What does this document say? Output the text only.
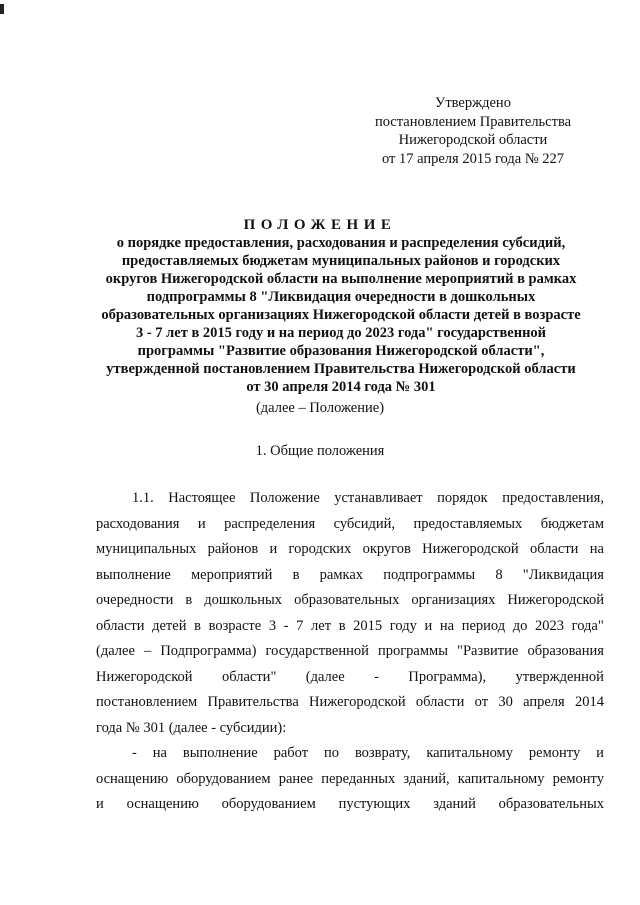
Утверждено
постановлением Правительства
Нижегородской области
от 17 апреля 2015 года № 227
ПОЛОЖЕНИЕ
о порядке предоставления, расходования и распределения субсидий,
предоставляемых бюджетам муниципальных районов и городских
округов Нижегородской области на выполнение мероприятий в рамках
подпрограммы 8 "Ликвидация очередности в дошкольных
образовательных организациях Нижегородской области детей в возрасте
3 - 7 лет в 2015 году и на период до 2023 года" государственной
программы "Развитие образования Нижегородской области",
утвержденной постановлением Правительства Нижегородской области
от 30 апреля 2014 года № 301
(далее – Положение)
1. Общие положения
1.1. Настоящее Положение устанавливает порядок предоставления,
расходования и распределения субсидий, предоставляемых бюджетам
муниципальных районов и городских округов Нижегородской области на
выполнение мероприятий в рамках подпрограммы 8 "Ликвидация
очередности в дошкольных образовательных организациях Нижегородской
области детей в возрасте 3 - 7 лет в 2015 году и на период до 2023 года"
(далее – Подпрограмма) государственной программы "Развитие образования
Нижегородской области" (далее - Программа), утвержденной
постановлением Правительства Нижегородской области от 30 апреля 2014
года № 301 (далее - субсидии):
- на выполнение работ по возврату, капитальному ремонту и
оснащению оборудованием ранее переданных зданий, капитальному ремонту
и оснащению оборудованием пустующих зданий образовательных
